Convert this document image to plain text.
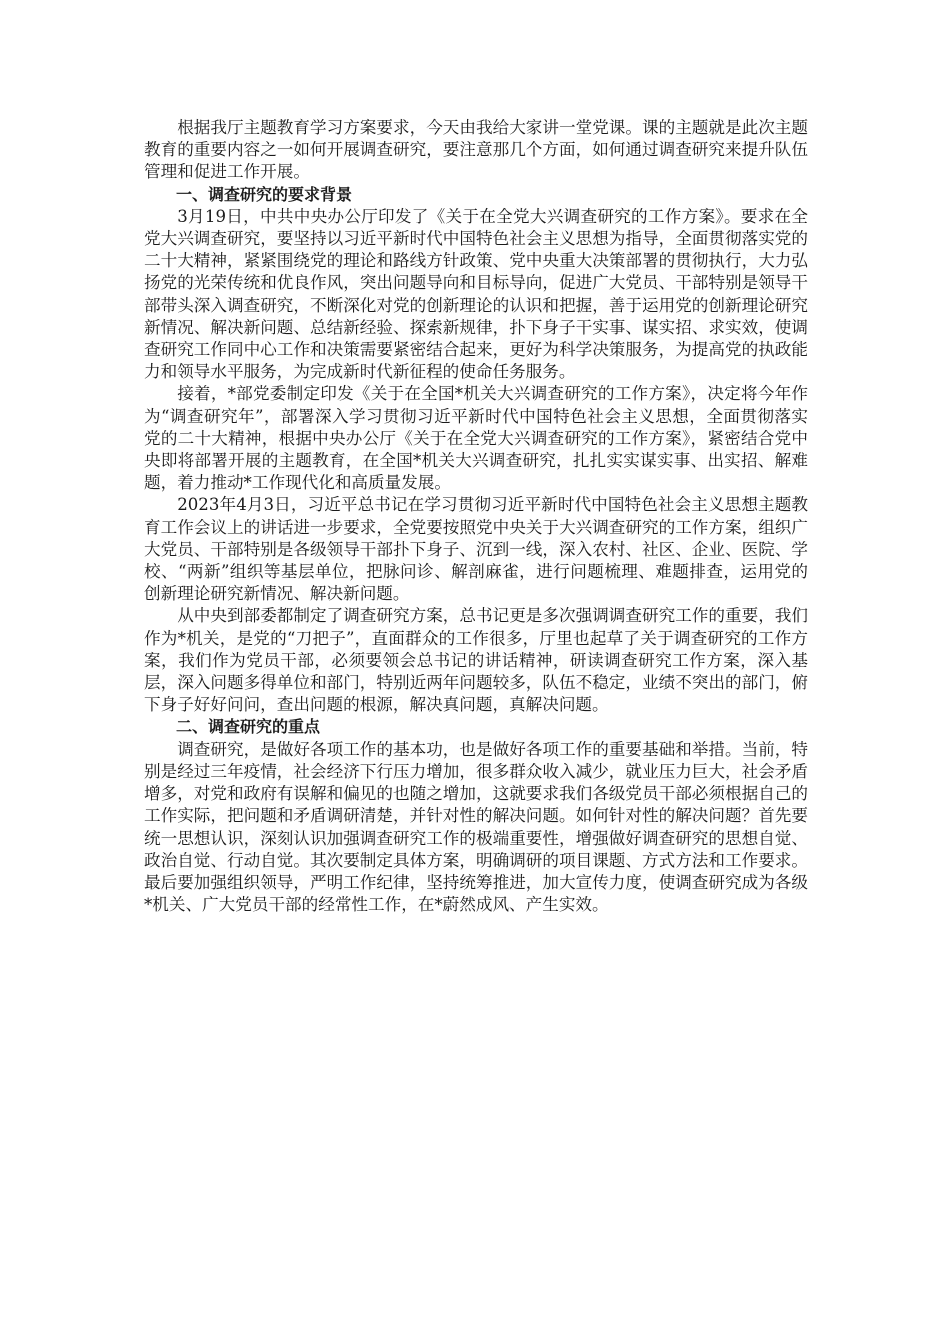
根据我厅主题教育学习方案要求，今天由我给大家讲一堂党课。课的主题就是此次主题教育的重要内容之一如何开展调查研究，要注意那几个方面，如何通过调查研究来提升队伍管理和促进工作开展。

一、调查研究的要求背景

3月19日，中共中央办公厅印发了《关于在全党大兴调查研究的工作方案》。要求在全党大兴调查研究，要坚持以习近平新时代中国特色社会主义思想为指导，全面贯彻落实党的二十大精神，紧紧围绕党的理论和路线方针政策、党中央重大决策部署的贯彻执行，大力弘扬党的光荣传统和优良作风，突出问题导向和目标导向，促进广大党员、干部特别是领导干部带头深入调查研究，不断深化对党的创新理论的认识和把握，善于运用党的创新理论研究新情况、解决新问题、总结新经验、探索新规律，扑下身子干实事、谋实招、求实效，使调查研究工作同中心工作和决策需要紧密结合起来，更好为科学决策服务，为提高党的执政能力和领导水平服务，为完成新时代新征程的使命任务服务。

接着，*部党委制定印发《关于在全国*机关大兴调查研究的工作方案》，决定将今年作为“调查研究年”，部署深入学习贯彻习近平新时代中国特色社会主义思想，全面贯彻落实党的二十大精神，根据中央办公厅《关于在全党大兴调查研究的工作方案》，紧密结合党中央即将部署开展的主题教育，在全国*机关大兴调查研究，扎扎实实谋实事、出实招、解难题，着力推动*工作现代化和高质量发展。

2023年4月3日，习近平总书记在学习贯彻习近平新时代中国特色社会主义思想主题教育工作会议上的讲话进一步要求，全党要按照党中央关于大兴调查研究的工作方案，组织广大党员、干部特别是各级领导干部扑下身子、沉到一线，深入农村、社区、企业、医院、学校、“两新”组织等基层单位，把脉问诊、解剖麻雀，进行问题梳理、难题排查，运用党的创新理论研究新情况、解决新问题。

从中央到部委都制定了调查研究方案，总书记更是多次强调调查研究工作的重要，我们作为*机关，是党的“刀把子”，直面群众的工作很多，厅里也起草了关于调查研究的工作方案，我们作为党员干部，必须要领会总书记的讲话精神，研读调查研究工作方案，深入基层，深入问题多得单位和部门，特别近两年问题较多，队伍不稳定，业绩不突出的部门，俯下身子好好问问，查出问题的根源，解决真问题，真解决问题。

二、调查研究的重点

调查研究，是做好各项工作的基本功，也是做好各项工作的重要基础和举措。当前，特别是经过三年疫情，社会经济下行压力增加，很多群众收入减少，就业压力巨大，社会矛盾增多，对党和政府有误解和偏见的也随之增加，这就要求我们各级党员干部必须根据自己的工作实际，把问题和矛盾调研清楚，并针对性的解决问题。如何针对性的解决问题？首先要统一思想认识，深刻认识加强调查研究工作的极端重要性，增强做好调查研究的思想自觉、政治自觉、行动自觉。其次要制定具体方案，明确调研的项目课题、方式方法和工作要求。最后要加强组织领导，严明工作纪律，坚持统筹推进，加大宣传力度，使调查研究成为各级*机关、广大党员干部的经常性工作，在*蔚然成风、产生实效。
